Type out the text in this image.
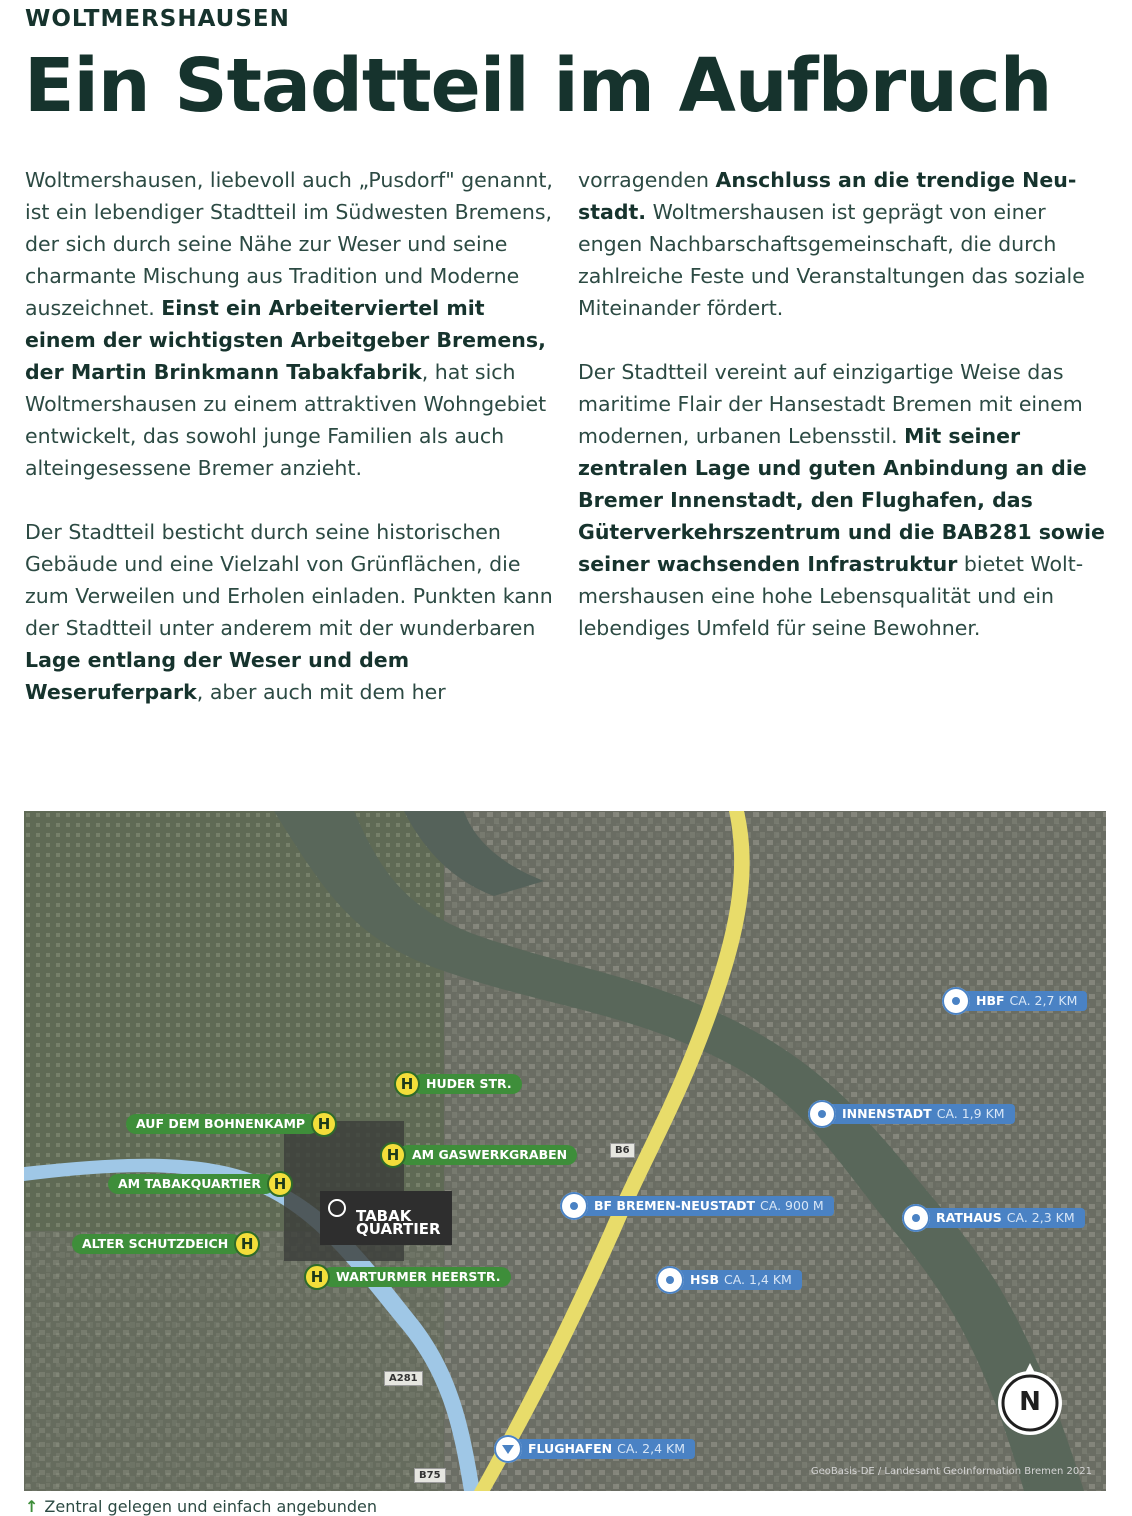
WOLTMERSHAUSEN
Ein Stadtteil im Aufbruch

Woltmershausen, liebevoll auch „Pusdorf" genannt, ist ein lebendiger Stadtteil im Südwesten Bremens, der sich durch seine Nähe zur Weser und seine charmante Mischung aus Tradition und Moderne auszeichnet. Einst ein Arbeiterviertel mit einem der wichtigsten Arbeitgeber Bremens, der Martin Brinkmann Tabakfabrik, hat sich Woltmershausen zu einem attraktiven Wohngebiet entwickelt, das sowohl junge Familien als auch alteingesessene Bremer anzieht.

Der Stadtteil besticht durch seine historischen Gebäude und eine Vielzahl von Grünflächen, die zum Verweilen und Erholen einladen. Punkten kann der Stadtteil unter anderem mit der wunderbaren Lage entlang der Weser und dem Weseruferpark, aber auch mit dem her

vorragenden Anschluss an die trendige Neustadt. Woltmershausen ist geprägt von einer engen Nachbarschaftsgemeinschaft, die durch zahlreiche Feste und Veranstaltungen das soziale Miteinander fördert.

Der Stadtteil vereint auf einzigartige Weise das maritime Flair der Hansestadt Bremen mit einem modernen, urbanen Lebensstil. Mit seiner zentralen Lage und guten Anbindung an die Bremer Innenstadt, den Flughafen, das Güterverkehrszentrum und die BAB281 sowie seiner wachsenden Infrastruktur bietet Woltmershausen eine hohe Lebensqualität und ein lebendiges Umfeld für seine Bewohner.

TABAK
QUARTIER
H	HUDER STR.
AUF DEM BOHNENKAMP H
H	AM GASWERKGRABEN
AM TABAKQUARTIER H
ALTER SCHUTZDEICH H
H	WARTURMER HEERSTR.
HBF CA. 2,7 KM
INNENSTADT CA. 1,9 KM
BF BREMEN-NEUSTADT CA. 900 M
RATHAUS CA. 2,3 KM
HSB CA. 1,4 KM
FLUGHAFEN CA. 2,4 KM
B6
A281
B75
N
GeoBasis-DE / Landesamt GeoInformation Bremen 2021
↑ Zentral gelegen und einfach angebunden
